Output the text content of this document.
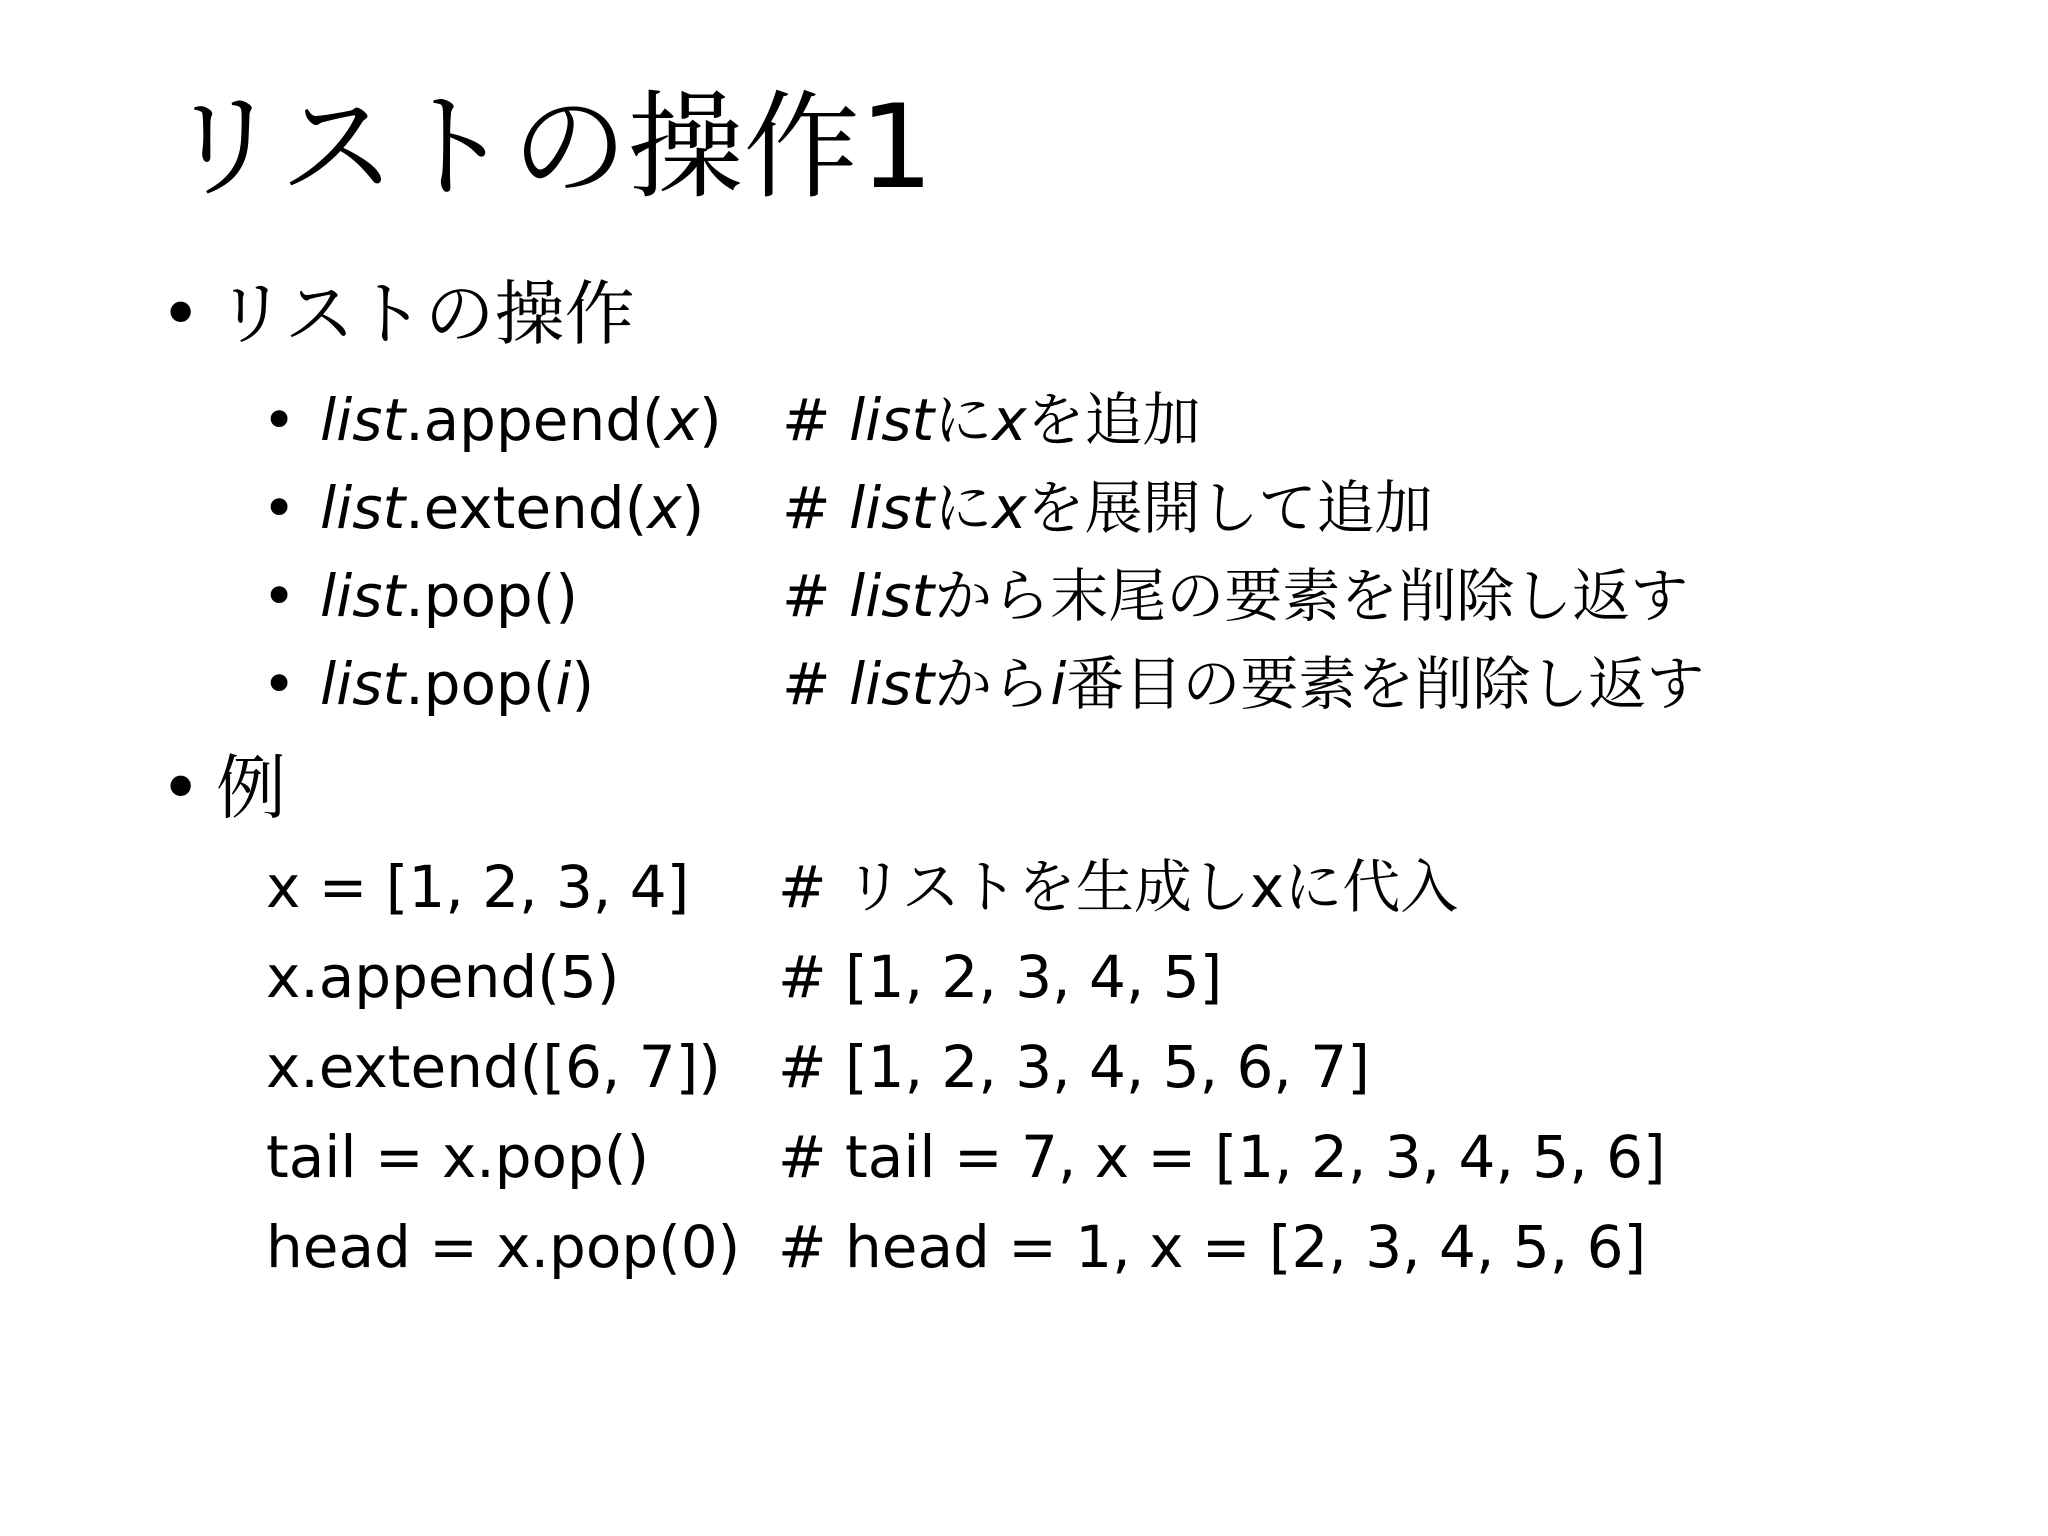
リストの操作1
• リストの操作
• list.append(x)	# listにxを追加
• list.extend(x)	# listにxを展開して追加
• list.pop()	# listから末尾の要素を削除し返す
• list.pop(i)	# listからi番目の要素を削除し返す
• 例
x = [1, 2, 3, 4]	# リストを生成しxに代入
x.append(5)	# [1, 2, 3, 4, 5]
x.extend([6, 7]) # [1, 2, 3, 4, 5, 6, 7]
tail = x.pop()	# tail = 7, x = [1, 2, 3, 4, 5, 6]
head = x.pop(0) # head = 1, x = [2, 3, 4, 5, 6]
